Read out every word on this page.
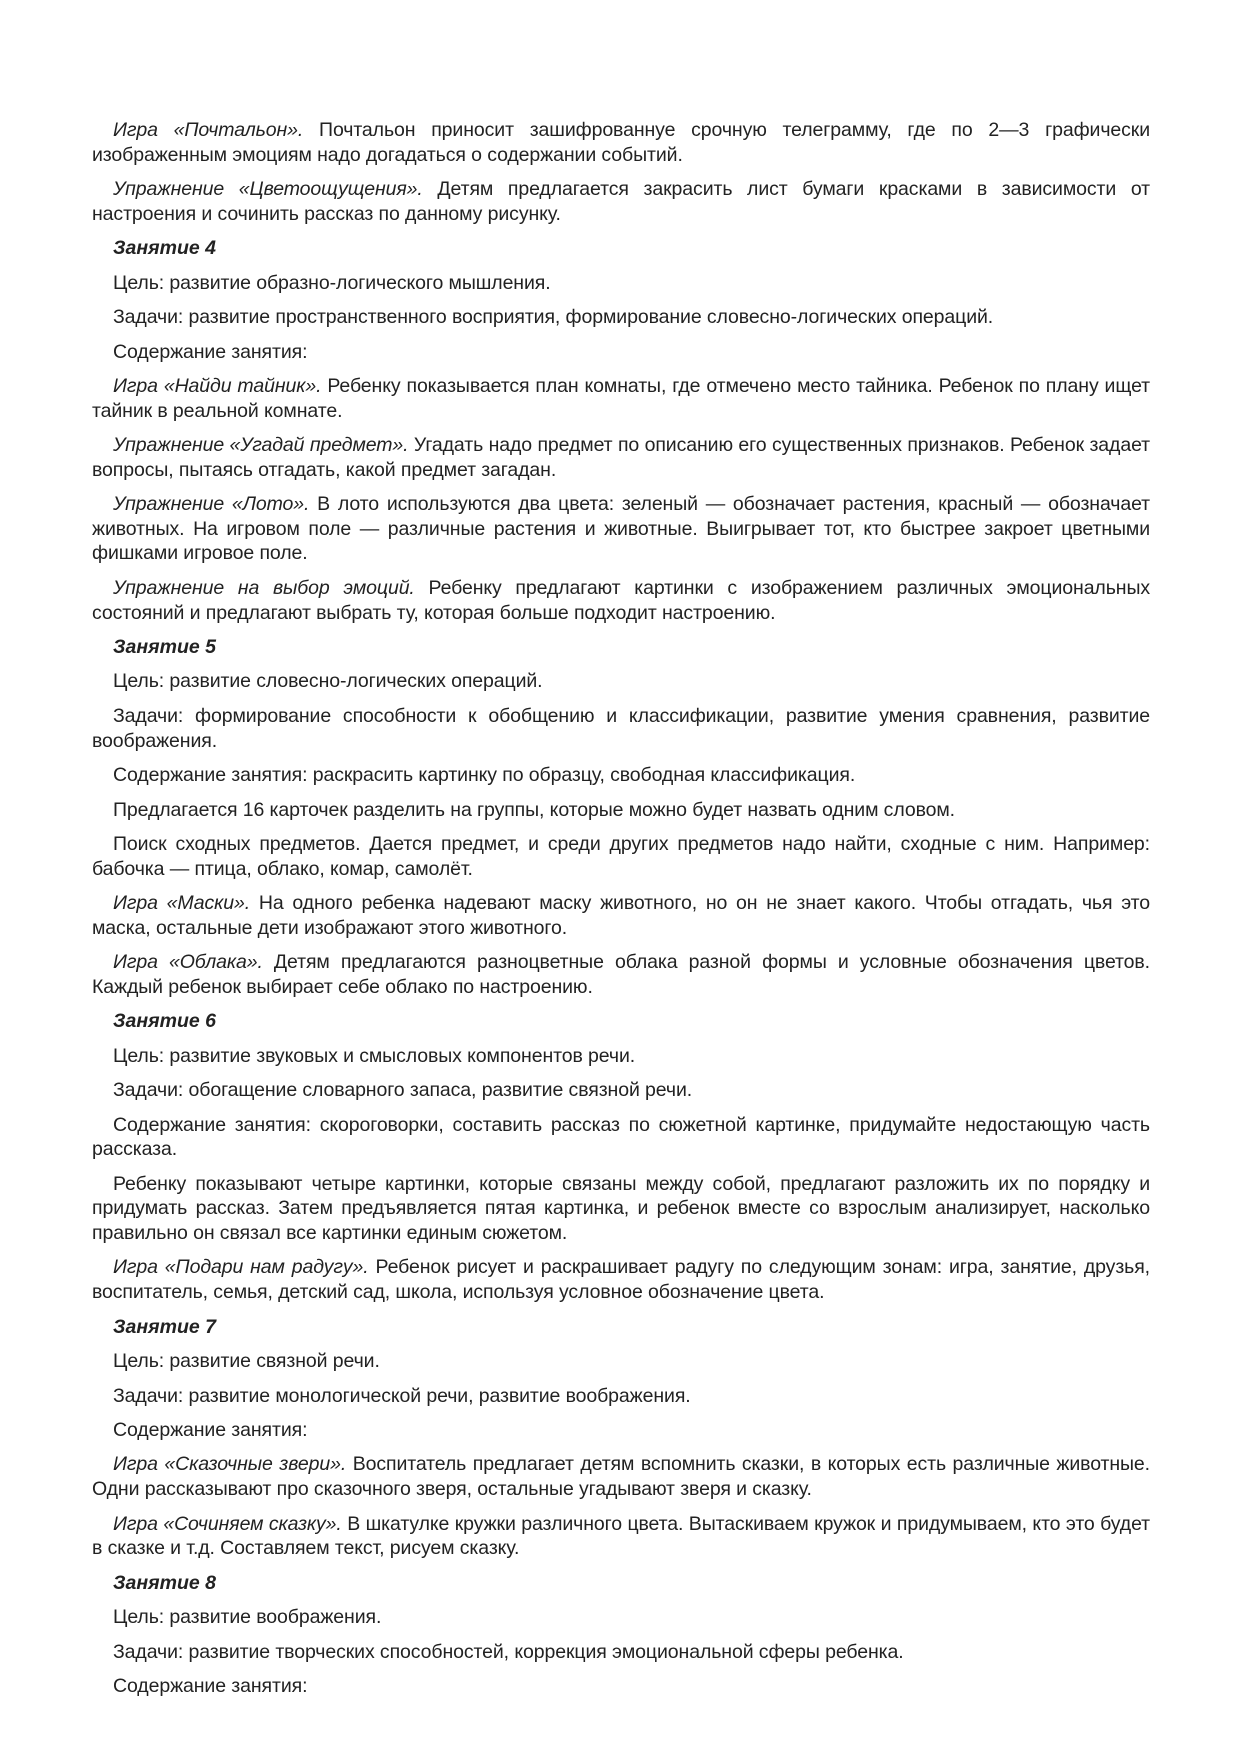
Игра «Почтальон». Почтальон приносит зашифрованнуе срочную телеграмму, где по 2—3 графически изображенным эмоциям надо догадаться о содержании событий.

Упражнение «Цветоощущения». Детям предлагается закрасить лист бумаги красками в зависимости от настроения и сочинить рассказ по данному рисунку.

Занятие 4

Цель: развитие образно-логического мышления.

Задачи: развитие пространственного восприятия, формирование словесно-логических операций.

Содержание занятия:

Игра «Найди тайник». Ребенку показывается план комнаты, где отмечено место тайника. Ребенок по плану ищет тайник в реальной комнате.

Упражнение «Угадай предмет». Угадать надо предмет по описанию его существенных признаков. Ребенок задает вопросы, пытаясь отгадать, какой предмет загадан.

Упражнение «Лото». В лото используются два цвета: зеленый — обозначает растения, красный — обозначает животных. На игровом поле — различные растения и животные. Выигрывает тот, кто быстрее закроет цветными фишками игровое поле.

Упражнение на выбор эмоций. Ребенку предлагают картинки с изображением различных эмоциональных состояний и предлагают выбрать ту, которая больше подходит настроению.

Занятие 5

Цель: развитие словесно-логических операций.

Задачи: формирование способности к обобщению и классификации, развитие умения сравнения, развитие воображения.

Содержание занятия: раскрасить картинку по образцу, свободная классификация.

Предлагается 16 карточек разделить на группы, которые можно будет назвать одним словом.

Поиск сходных предметов. Дается предмет, и среди других предметов надо найти, сходные с ним. Например: бабочка — птица, облако, комар, самолёт.

Игра «Маски». На одного ребенка надевают маску животного, но он не знает какого. Чтобы отгадать, чья это маска, остальные дети изображают этого животного.

Игра «Облака». Детям предлагаются разноцветные облака разной формы и условные обозначения цветов. Каждый ребенок выбирает себе облако по настроению.

Занятие 6

Цель: развитие звуковых и смысловых компонентов речи.

Задачи: обогащение словарного запаса, развитие связной речи.

Содержание занятия: скороговорки, составить рассказ по сюжетной картинке, придумайте недостающую часть рассказа.

Ребенку показывают четыре картинки, которые связаны между собой, предлагают разложить их по порядку и придумать рассказ. Затем предъявляется пятая картинка, и ребенок вместе со взрослым анализирует, насколько правильно он связал все картинки единым сюжетом.

Игра «Подари нам радугу». Ребенок рисует и раскрашивает радугу по следующим зонам: игра, занятие, друзья, воспитатель, семья, детский сад, школа, используя условное обозначение цвета.

Занятие 7

Цель: развитие связной речи.

Задачи: развитие монологической речи, развитие воображения.

Содержание занятия:

Игра «Сказочные звери». Воспитатель предлагает детям вспомнить сказки, в которых есть различные животные. Одни рассказывают про сказочного зверя, остальные угадывают зверя и сказку.

Игра «Сочиняем сказку». В шкатулке кружки различного цвета. Вытаскиваем кружок и придумываем, кто это будет в сказке и т.д. Составляем текст, рисуем сказку.

Занятие 8

Цель: развитие воображения.

Задачи: развитие творческих способностей, коррекция эмоциональной сферы ребенка.

Содержание занятия:
